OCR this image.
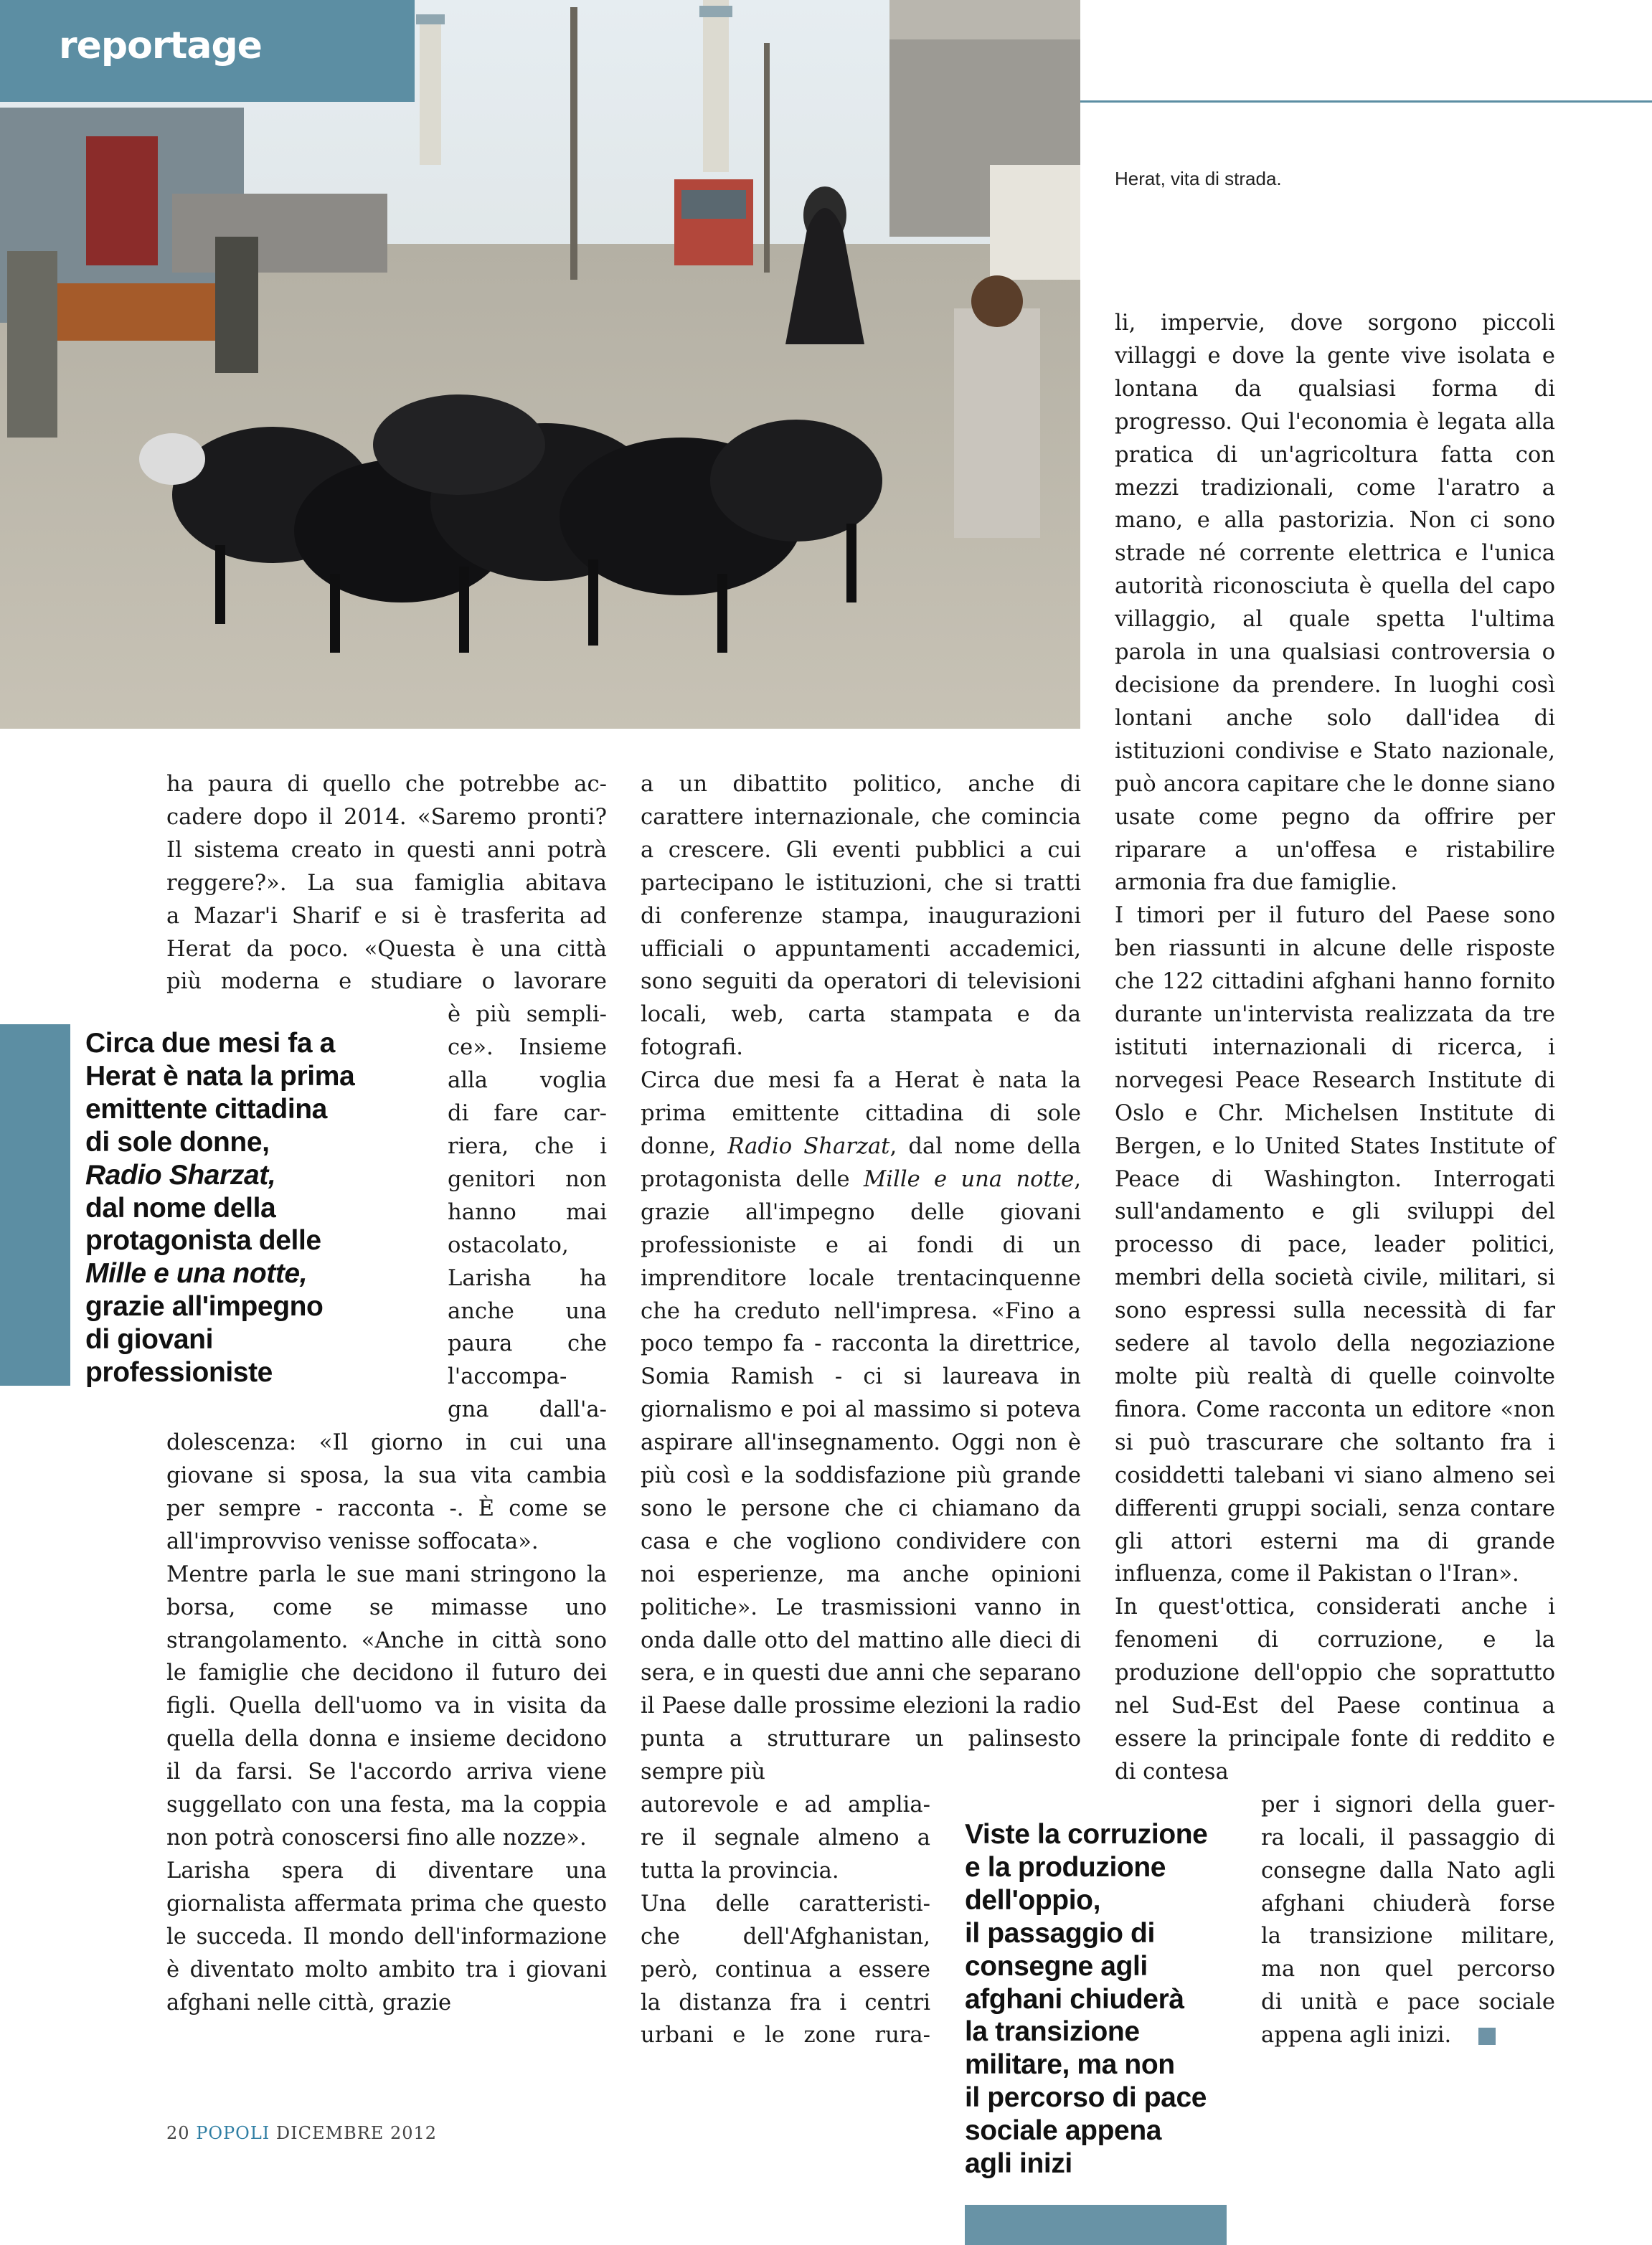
reportage
Herat, vita di strada.
ha paura di quello che potrebbe ac-
cadere dopo il 2014. «Saremo pronti?
Il sistema creato in questi anni potrà
reggere?». La sua famiglia abitava
a Mazar'i Sharif e si è trasferita ad
Herat da poco. «Questa è una città
più moderna e studiare o lavorare
è più sempli-
ce». Insieme
alla voglia
di fare car-
riera, che i
genitori non
hanno mai
ostacolato,
Larisha ha
anche una
paura che
l'accompa-
gna dall'a-

dolescenza: «Il giorno in cui una giovane si sposa, la sua vita cambia per sempre - racconta -. È come se all'improvviso venisse soffocata».

Mentre parla le sue mani stringono la borsa, come se mimasse uno strangolamento. «Anche in città sono le famiglie che decidono il futuro dei figli. Quella dell'uomo va in visita da quella della donna e insieme decidono il da farsi. Se l'accordo arriva viene suggellato con una festa, ma la coppia non potrà conoscersi fino alle nozze».

Larisha spera di diventare una giornalista affermata prima che questo le succeda. Il mondo dell'informazione è diventato molto ambito tra i giovani afghani nelle città, grazie

Circa due mesi fa a
Herat è nata la prima
emittente cittadina
di sole donne,
Radio Sharzat,
dal nome della
protagonista delle
Mille e una notte,
grazie all'impegno
di giovani
professioniste

a un dibattito politico, anche di carattere internazionale, che comincia a crescere. Gli eventi pubblici a cui partecipano le istituzioni, che si tratti di conferenze stampa, inaugurazioni ufficiali o appuntamenti accademici, sono seguiti da operatori di televisioni locali, web, carta stampata e da fotografi.

Circa due mesi fa a Herat è nata la prima emittente cittadina di sole donne, Radio Sharzat, dal nome della protagonista delle Mille e una notte, grazie all'impegno delle giovani professioniste e ai fondi di un imprenditore locale trentacinquenne che ha creduto nell'impresa. «Fino a poco tempo fa - racconta la direttrice, Somia Ramish - ci si laureava in giornalismo e poi al massimo si poteva aspirare all'insegnamento. Oggi non è più così e la soddisfazione più grande sono le persone che ci chiamano da casa e che vogliono condividere con noi esperienze, ma anche opinioni politiche». Le trasmissioni vanno in onda dalle otto del mattino alle dieci di sera, e in questi due anni che separano il Paese dalle prossime elezioni la radio punta a strutturare un palinsesto sempre più

autorevole e ad amplia-
re il segnale almeno a
tutta la provincia.
Una delle caratteristi-
che dell'Afghanistan,
però, continua a essere
la distanza fra i centri
urbani e le zone rura-
Viste la corruzione
e la produzione
dell'oppio,
il passaggio di
consegne agli
afghani chiuderà
la transizione
militare, ma non
il percorso di pace
sociale appena
agli inizi

li, impervie, dove sorgono piccoli villaggi e dove la gente vive isolata e lontana da qualsiasi forma di progresso. Qui l'economia è legata alla pratica di un'agricoltura fatta con mezzi tradizionali, come l'aratro a mano, e alla pastorizia. Non ci sono strade né corrente elettrica e l'unica autorità riconosciuta è quella del capo villaggio, al quale spetta l'ultima parola in una qualsiasi controversia o decisione da prendere. In luoghi così lontani anche solo dall'idea di istituzioni condivise e Stato nazionale, può ancora capitare che le donne siano usate come pegno da offrire per riparare a un'offesa e ristabilire armonia fra due famiglie.

I timori per il futuro del Paese sono ben riassunti in alcune delle risposte che 122 cittadini afghani hanno fornito durante un'intervista realizzata da tre istituti internazionali di ricerca, i norvegesi Peace Research Institute di Oslo e Chr. Michelsen Institute di Bergen, e lo United States Institute of Peace di Washington. Interrogati sull'andamento e gli sviluppi del processo di pace, leader politici, membri della società civile, militari, si sono espressi sulla necessità di far sedere al tavolo della negoziazione molte più realtà di quelle coinvolte finora. Come racconta un editore «non si può trascurare che soltanto fra i cosiddetti talebani vi siano almeno sei differenti gruppi sociali, senza contare gli attori esterni ma di grande influenza, come il Pakistan o l'Iran».

In quest'ottica, considerati anche i fenomeni di corruzione, e la produzione dell'oppio che soprattutto nel Sud-Est del Paese continua a essere la principale fonte di reddito e di contesa

per i signori della guer-
ra locali, il passaggio di
consegne dalla Nato agli
afghani chiuderà forse
la transizione militare,
ma non quel percorso
di unità e pace sociale
appena agli inizi.
20 POPOLI DICEMBRE 2012
